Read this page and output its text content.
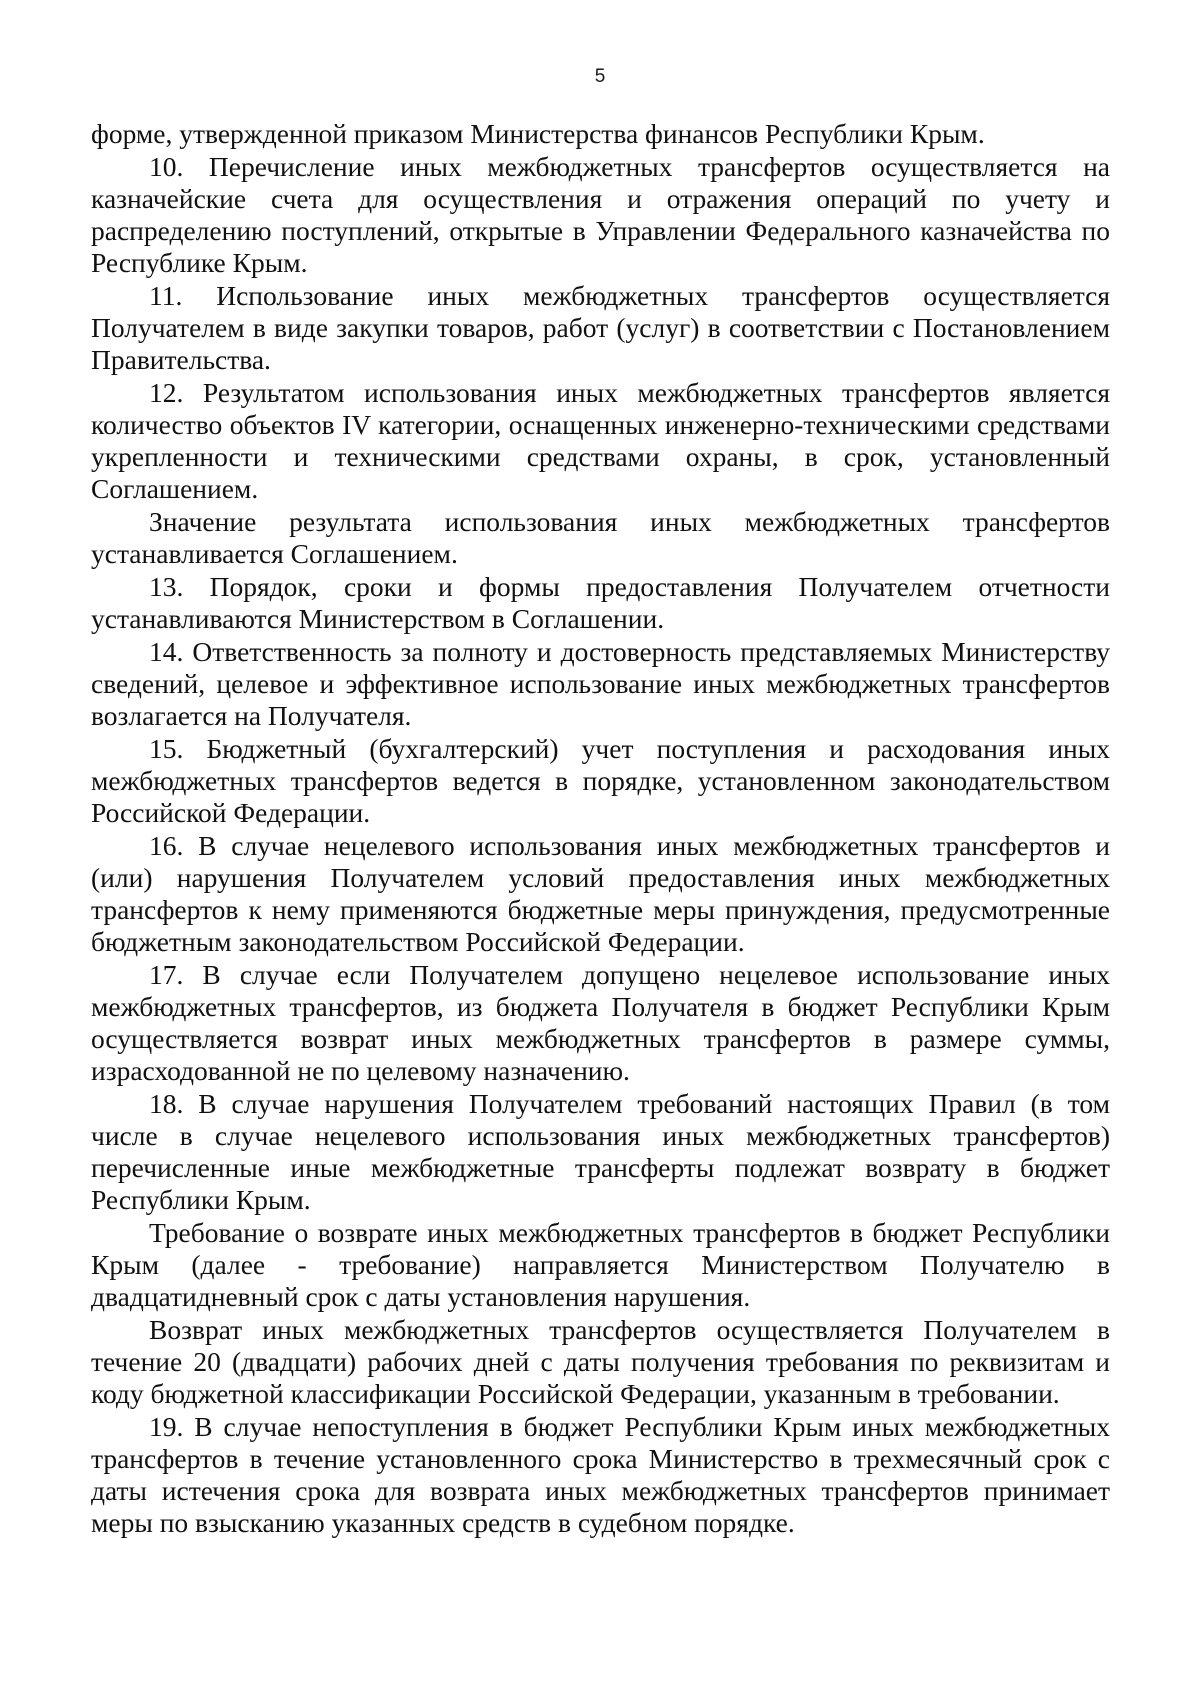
5

форме, утвержденной приказом Министерства финансов Республики Крым.

10. Перечисление иных межбюджетных трансфертов осуществляется на казначейские счета для осуществления и отражения операций по учету и распределению поступлений, открытые в Управлении Федерального казначейства по Республике Крым.

11. Использование иных межбюджетных трансфертов осуществляется Получателем в виде закупки товаров, работ (услуг) в соответствии с Постановлением Правительства.

12. Результатом использования иных межбюджетных трансфертов является количество объектов IV категории, оснащенных инженерно-техническими средствами укрепленности и техническими средствами охраны, в срок, установленный Соглашением.

Значение результата использования иных межбюджетных трансфертов устанавливается Соглашением.

13. Порядок, сроки и формы предоставления Получателем отчетности устанавливаются Министерством в Соглашении.

14. Ответственность за полноту и достоверность представляемых Министерству сведений, целевое и эффективное использование иных межбюджетных трансфертов возлагается на Получателя.

15. Бюджетный (бухгалтерский) учет поступления и расходования иных межбюджетных трансфертов ведется в порядке, установленном законодательством Российской Федерации.

16. В случае нецелевого использования иных межбюджетных трансфертов и (или) нарушения Получателем условий предоставления иных межбюджетных трансфертов к нему применяются бюджетные меры принуждения, предусмотренные бюджетным законодательством Российской Федерации.

17. В случае если Получателем допущено нецелевое использование иных межбюджетных трансфертов, из бюджета Получателя в бюджет Республики Крым осуществляется возврат иных межбюджетных трансфертов в размере суммы, израсходованной не по целевому назначению.

18. В случае нарушения Получателем требований настоящих Правил (в том числе в случае нецелевого использования иных межбюджетных трансфертов) перечисленные иные межбюджетные трансферты подлежат возврату в бюджет Республики Крым.

Требование о возврате иных межбюджетных трансфертов в бюджет Республики Крым (далее - требование) направляется Министерством Получателю в двадцатидневный срок с даты установления нарушения.

Возврат иных межбюджетных трансфертов осуществляется Получателем в течение 20 (двадцати) рабочих дней с даты получения требования по реквизитам и коду бюджетной классификации Российской Федерации, указанным в требовании.

19. В случае непоступления в бюджет Республики Крым иных межбюджетных трансфертов в течение установленного срока Министерство в трехмесячный срок с даты истечения срока для возврата иных межбюджетных трансфертов принимает меры по взысканию указанных средств в судебном порядке.
